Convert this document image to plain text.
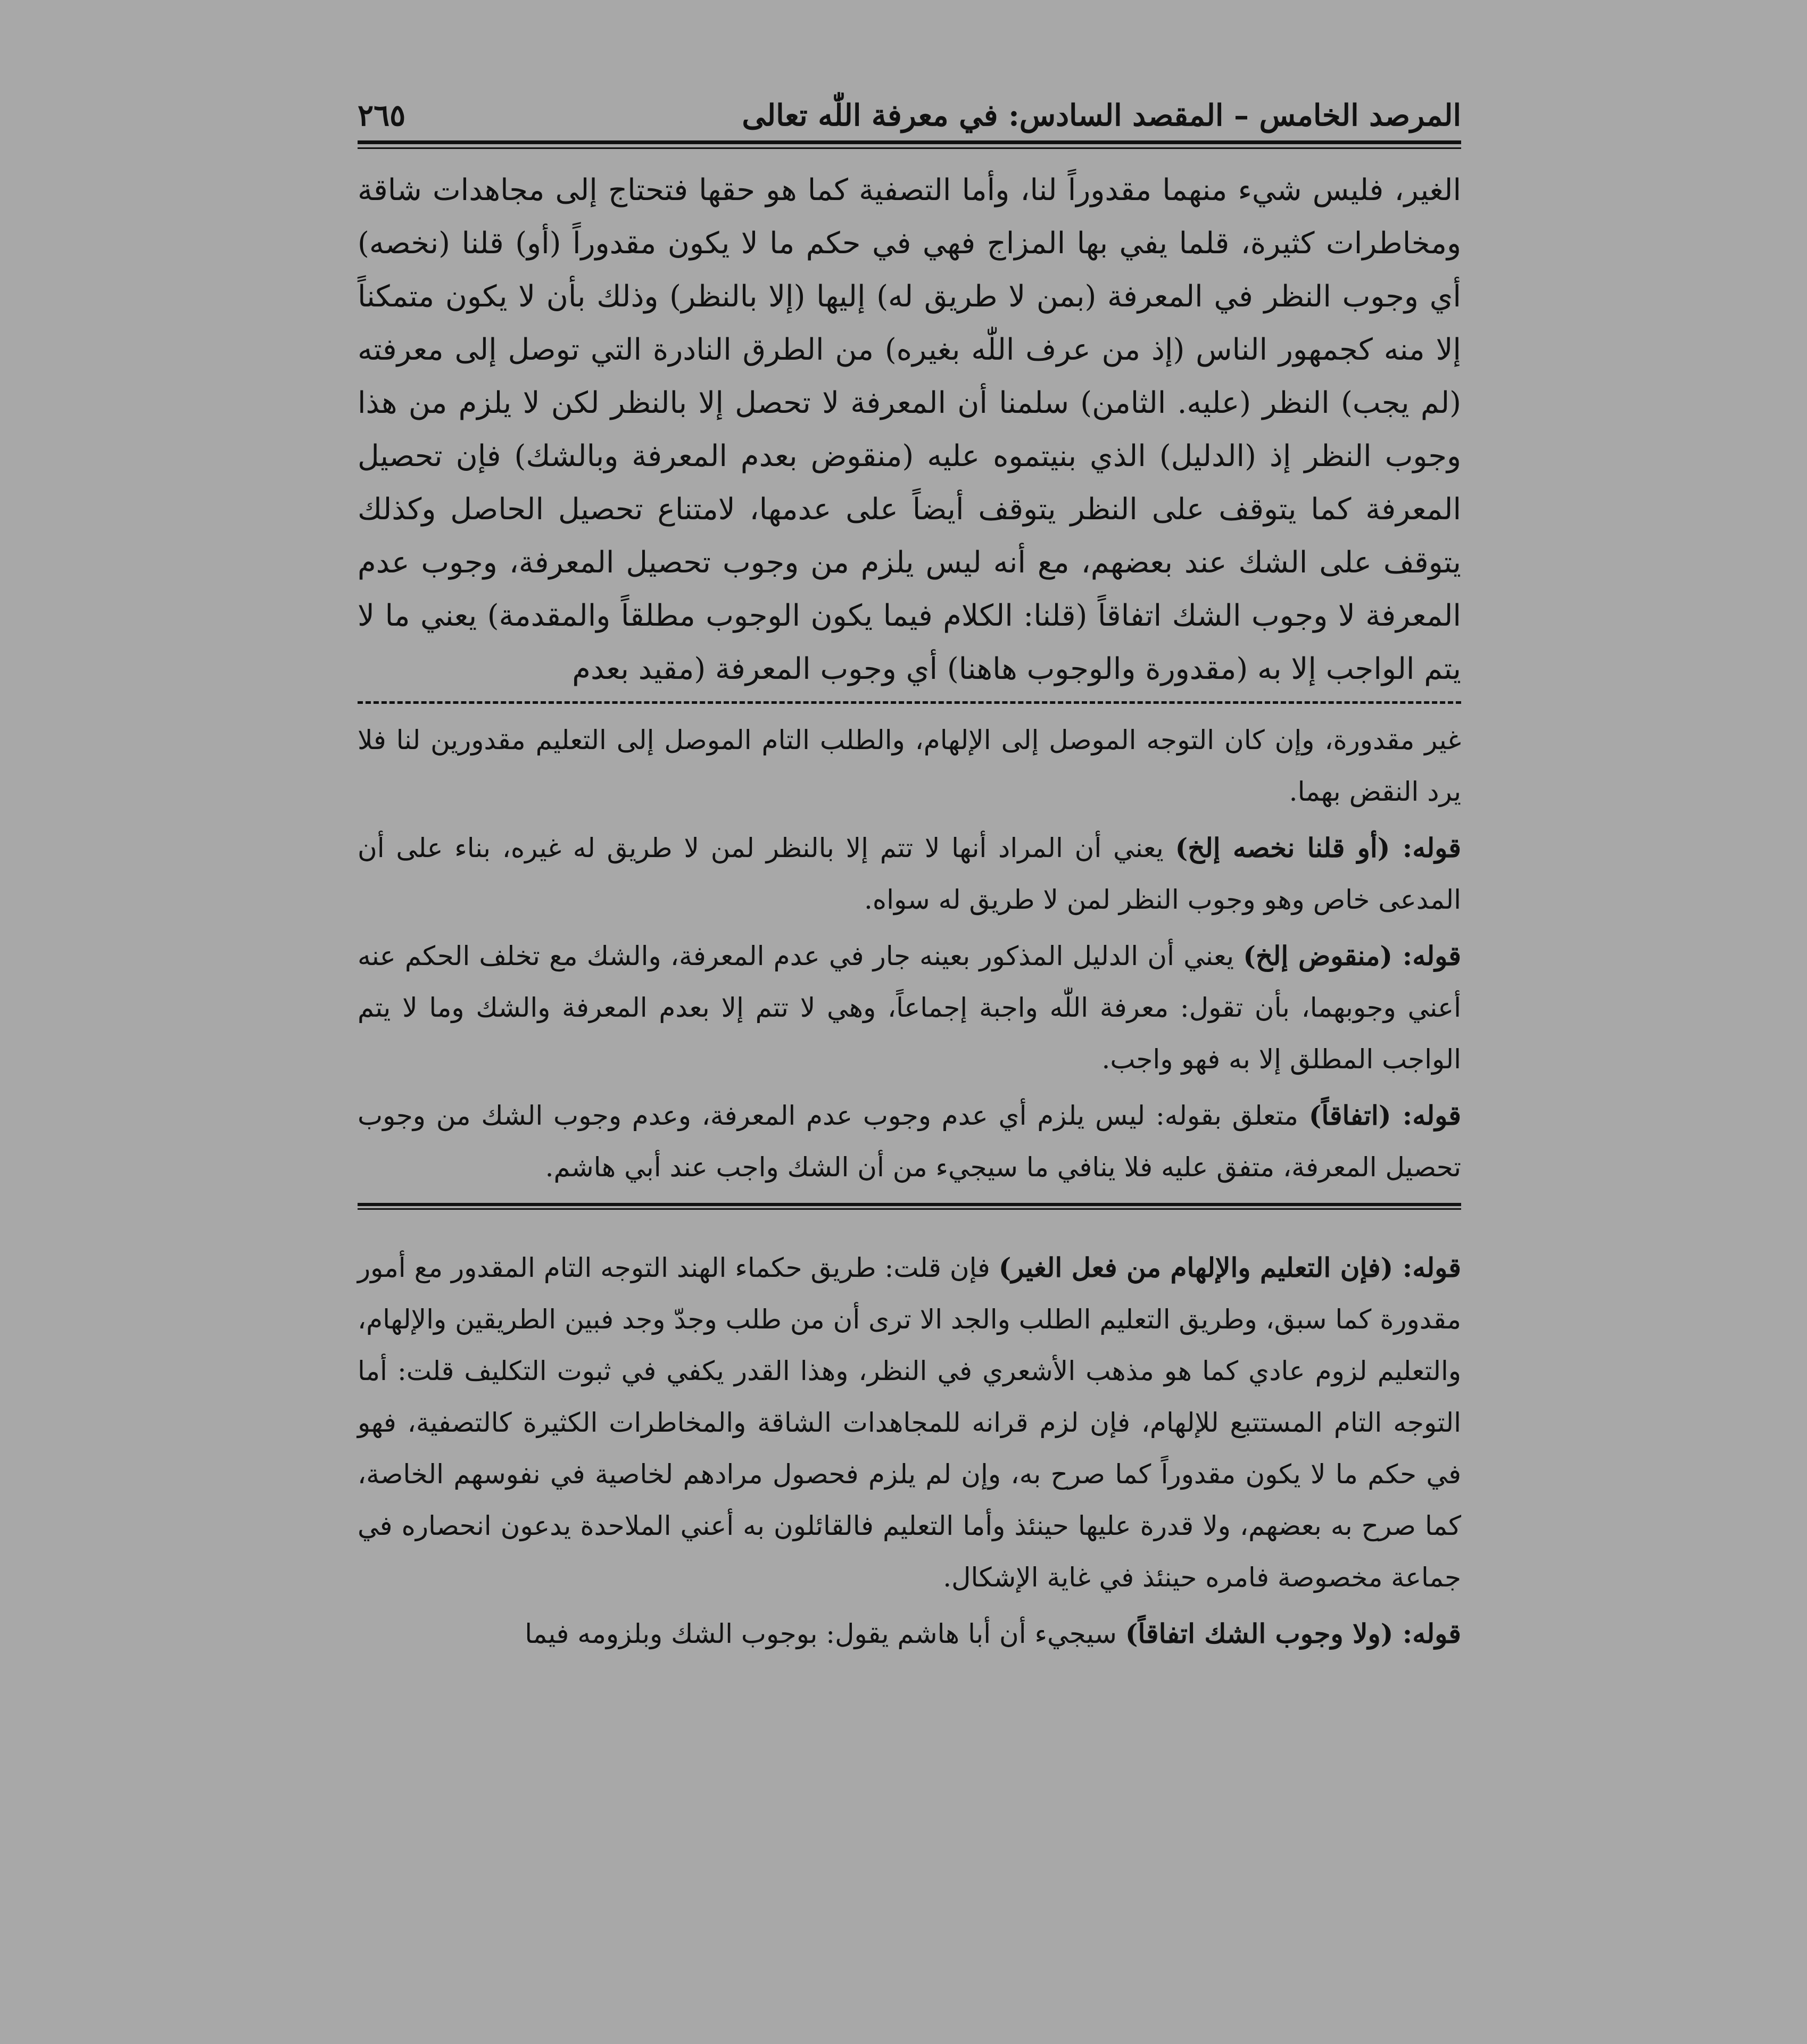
المرصد الخامس – المقصد السادس: في معرفة اللّٰه تعالى
٢٦٥

الغير، فليس شيء منهما مقدوراً لنا، وأما التصفية كما هو حقها فتحتاج إلى مجاهدات شاقة ومخاطرات كثيرة، قلما يفي بها المزاج فهي في حكم ما لا يكون مقدوراً (أو) قلنا (نخصه) أي وجوب النظر في المعرفة (بمن لا طريق له) إليها (إلا بالنظر) وذلك بأن لا يكون متمكناً إلا منه كجمهور الناس (إذ من عرف اللّٰه بغيره) من الطرق النادرة التي توصل إلى معرفته (لم يجب) النظر (عليه. الثامن) سلمنا أن المعرفة لا تحصل إلا بالنظر لكن لا يلزم من هذا وجوب النظر إذ (الدليل) الذي بنيتموه عليه (منقوض بعدم المعرفة وبالشك) فإن تحصيل المعرفة كما يتوقف على النظر يتوقف أيضاً على عدمها، لامتناع تحصيل الحاصل وكذلك يتوقف على الشك عند بعضهم، مع أنه ليس يلزم من وجوب تحصيل المعرفة، وجوب عدم المعرفة لا وجوب الشك اتفاقاً (قلنا: الكلام فيما يكون الوجوب مطلقاً والمقدمة) يعني ما لا يتم الواجب إلا به (مقدورة والوجوب هاهنا) أي وجوب المعرفة (مقيد بعدم

غير مقدورة، وإن كان التوجه الموصل إلى الإلهام، والطلب التام الموصل إلى التعليم مقدورين لنا فلا يرد النقض بهما.

قوله: (أو قلنا نخصه إلخ) يعني أن المراد أنها لا تتم إلا بالنظر لمن لا طريق له غيره، بناء على أن المدعى خاص وهو وجوب النظر لمن لا طريق له سواه.

قوله: (منقوض إلخ) يعني أن الدليل المذكور بعينه جار في عدم المعرفة، والشك مع تخلف الحكم عنه أعني وجوبهما، بأن تقول: معرفة اللّٰه واجبة إجماعاً، وهي لا تتم إلا بعدم المعرفة والشك وما لا يتم الواجب المطلق إلا به فهو واجب.

قوله: (اتفاقاً) متعلق بقوله: ليس يلزم أي عدم وجوب عدم المعرفة، وعدم وجوب الشك من وجوب تحصيل المعرفة، متفق عليه فلا ينافي ما سيجيء من أن الشك واجب عند أبي هاشم.

قوله: (فإن التعليم والإلهام من فعل الغير) فإن قلت: طريق حكماء الهند التوجه التام المقدور مع أمور مقدورة كما سبق، وطريق التعليم الطلب والجد الا ترى أن من طلب وجدّ وجد فبين الطريقين والإلهام، والتعليم لزوم عادي كما هو مذهب الأشعري في النظر، وهذا القدر يكفي في ثبوت التكليف قلت: أما التوجه التام المستتبع للإلهام، فإن لزم قرانه للمجاهدات الشاقة والمخاطرات الكثيرة كالتصفية، فهو في حكم ما لا يكون مقدوراً كما صرح به، وإن لم يلزم فحصول مرادهم لخاصية في نفوسهم الخاصة، كما صرح به بعضهم، ولا قدرة عليها حينئذ وأما التعليم فالقائلون به أعني الملاحدة يدعون انحصاره في جماعة مخصوصة فامره حينئذ في غاية الإشكال.

قوله: (ولا وجوب الشك اتفاقاً) سيجيء أن أبا هاشم يقول: بوجوب الشك وبلزومه فيما
